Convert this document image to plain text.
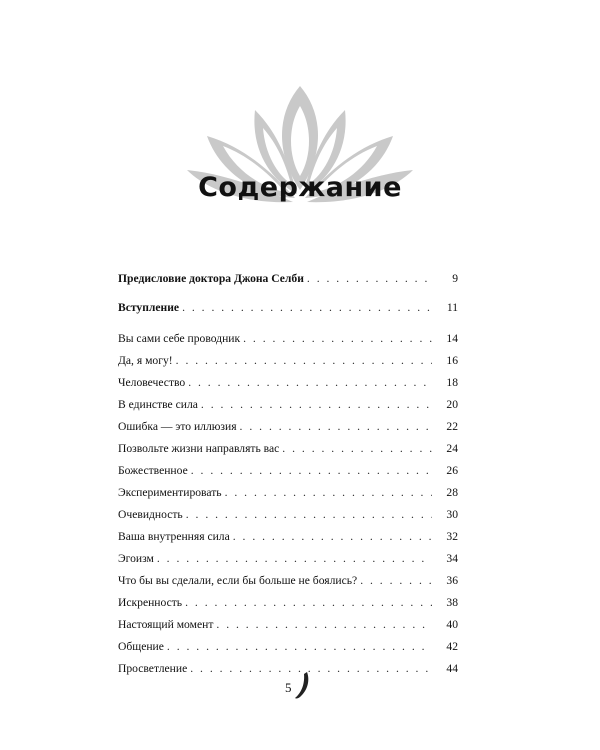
Содержание
Предисловие доктора Джона Селби . . .	9
Вступление . . .	11
Вы сами себе проводник . . .	14
Да, я могу! . . .	16
Человечество . . .	18
В единстве сила . . .	20
Ошибка — это иллюзия . . .	22
Позвольте жизни направлять вас . . .	24
Божественное . . .	26
Экспериментировать . . .	28
Очевидность . . .	30
Ваша внутренняя сила . . .	32
Эгоизм . . .	34
Что бы вы сделали, если бы больше не боялись? . . .	36
Искренность . . .	38
Настоящий момент . . .	40
Общение . . .	42
Просветление . . .	44
5
